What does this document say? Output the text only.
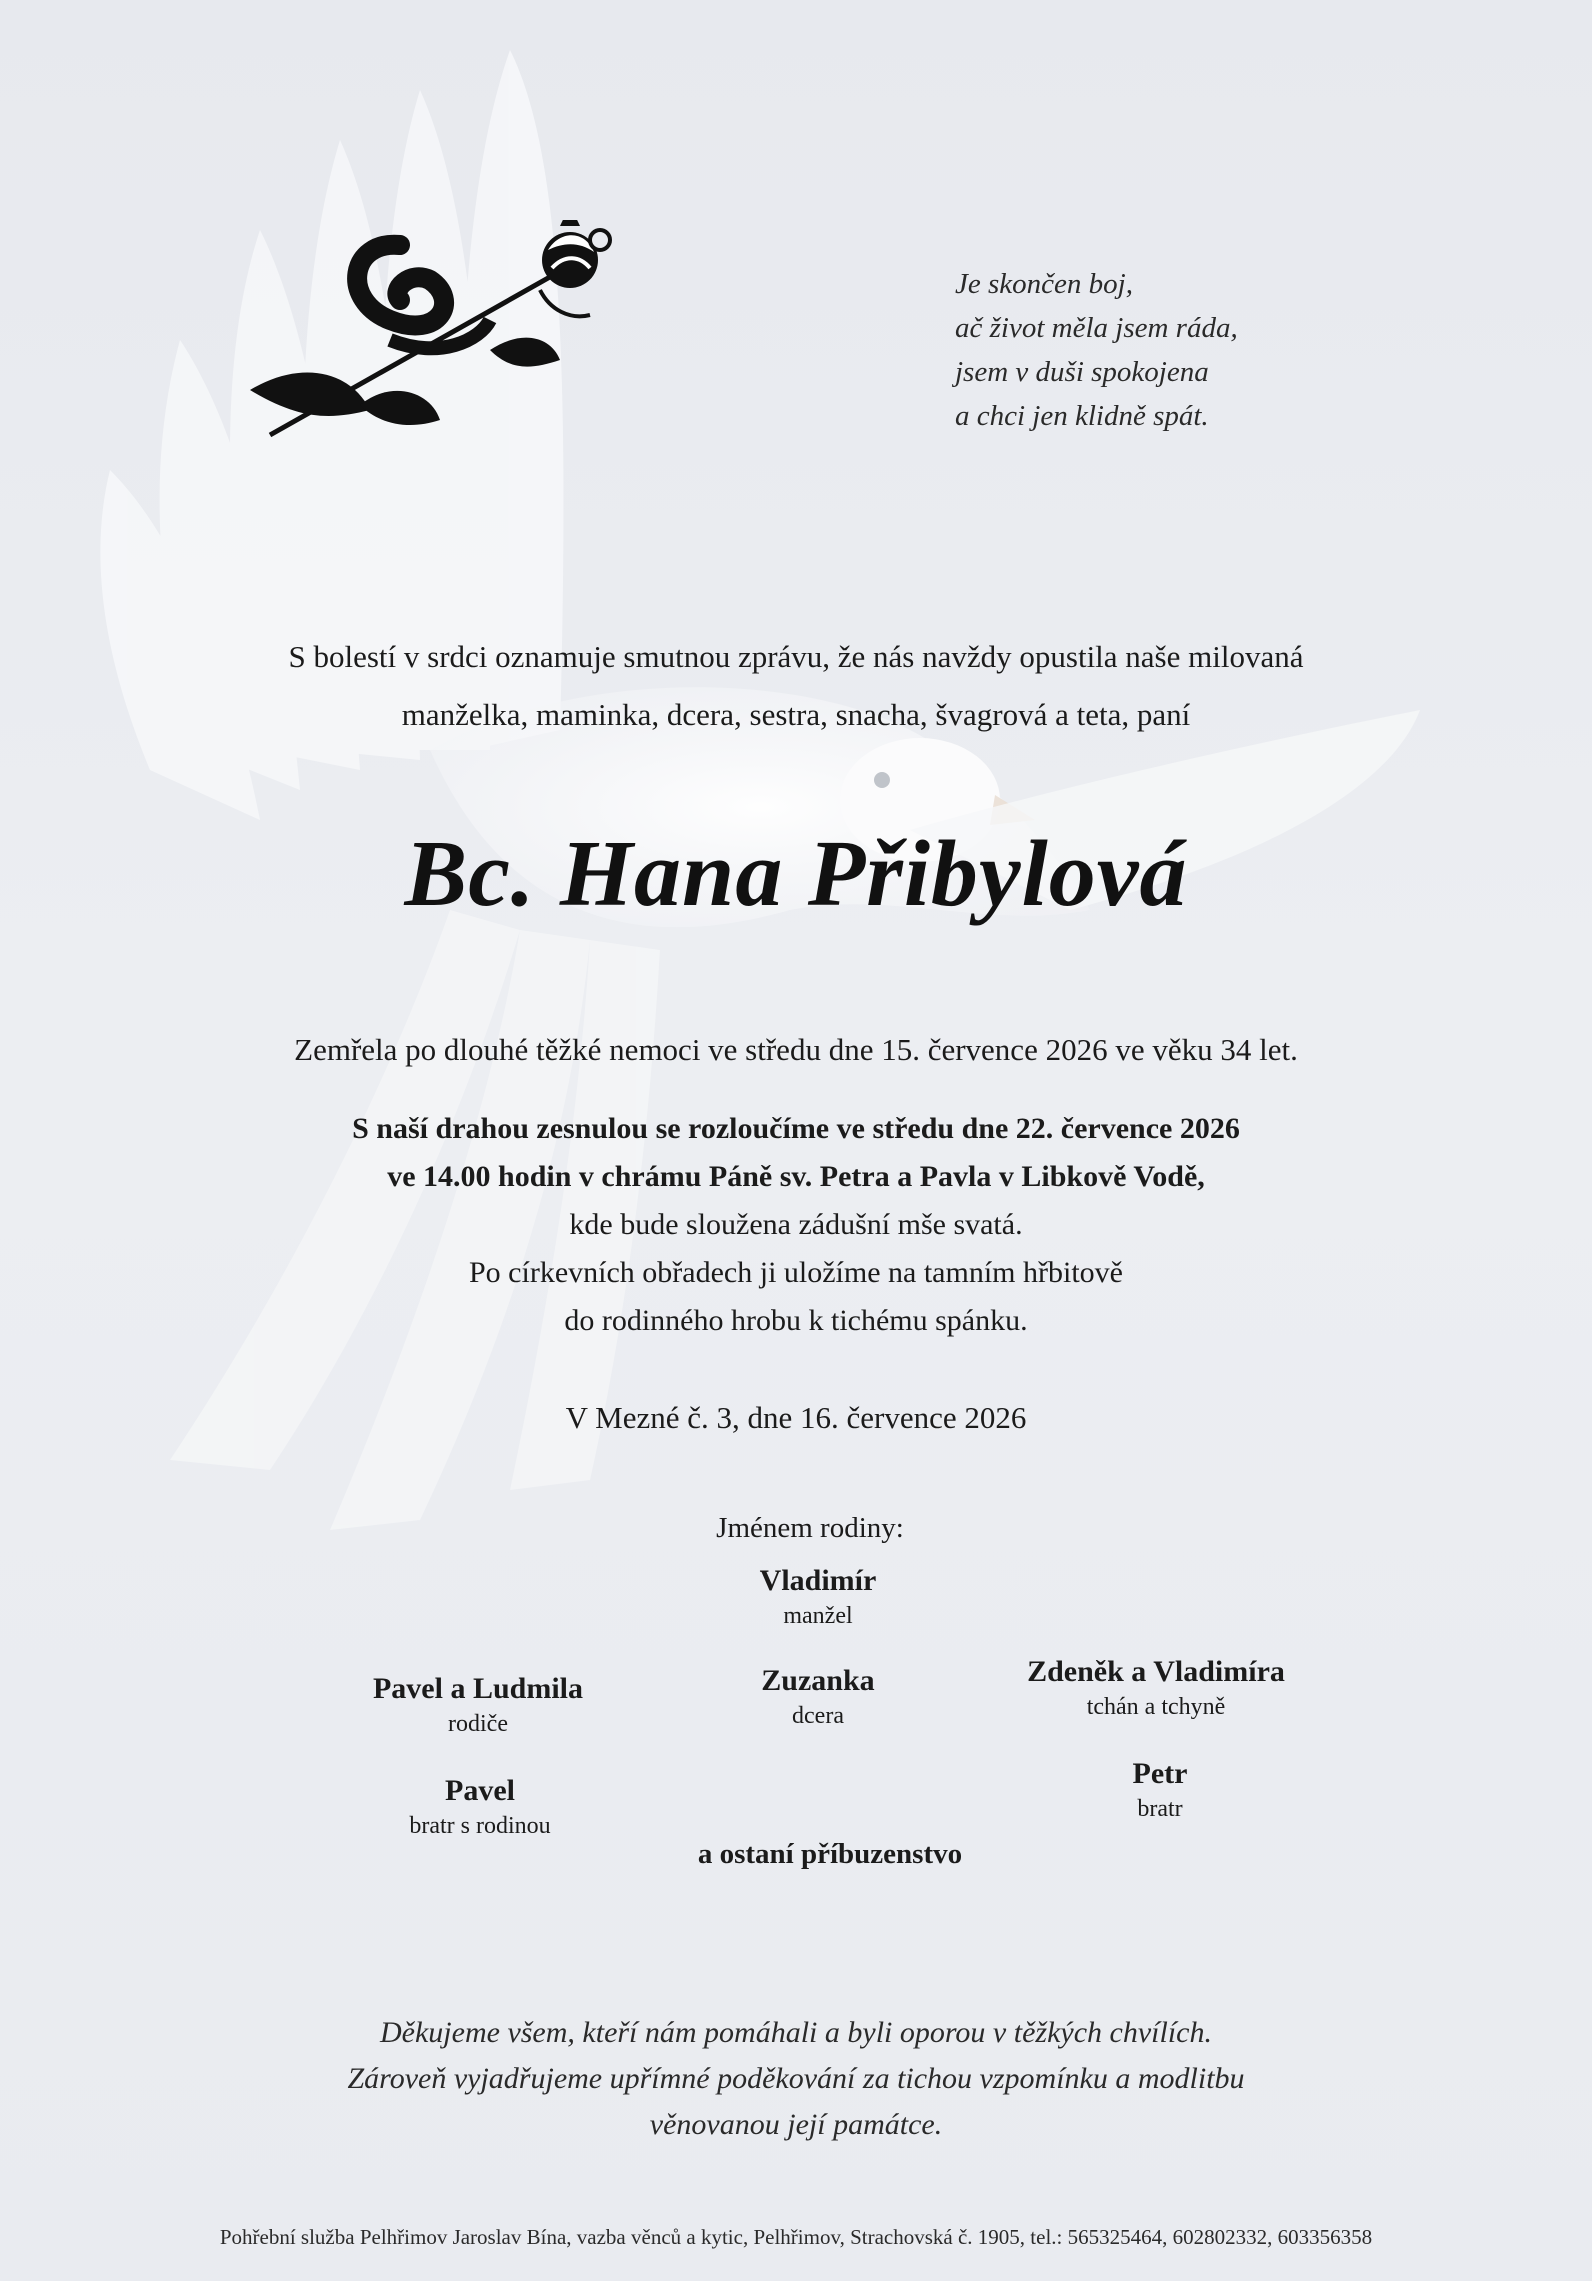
Je skončen boj,
ač život měla jsem ráda,
jsem v duši spokojena
a chci jen klidně spát.
S bolestí v srdci oznamuje smutnou zprávu, že nás navždy opustila naše milovaná
manželka, maminka, dcera, sestra, snacha, švagrová a teta, paní
Bc. Hana Přibylová
Zemřela po dlouhé těžké nemoci ve středu dne 15. července 2026 ve věku 34 let.
S naší drahou zesnulou se rozloučíme ve středu dne 22. července 2026
ve 14.00 hodin v chrámu Páně sv. Petra a Pavla v Libkově Vodě,
kde bude sloužena zádušní mše svatá.
Po církevních obřadech ji uložíme na tamním hřbitově
do rodinného hrobu k tichému spánku.
V Mezné č. 3, dne 16. července 2026
Jménem rodiny:
Vladimír
manžel
Pavel a Ludmila
rodiče
Zuzanka
dcera
Zdeněk a Vladimíra
tchán a tchyně
Pavel
bratr s rodinou
Petr
bratr
a ostaní příbuzenstvo
Děkujeme všem, kteří nám pomáhali a byli oporou v těžkých chvílích.
Zároveň vyjadřujeme upřímné poděkování za tichou vzpomínku a modlitbu
věnovanou její památce.
Pohřební služba Pelhřimov Jaroslav Bína, vazba věnců a kytic, Pelhřimov, Strachovská č. 1905, tel.: 565325464, 602802332, 603356358
